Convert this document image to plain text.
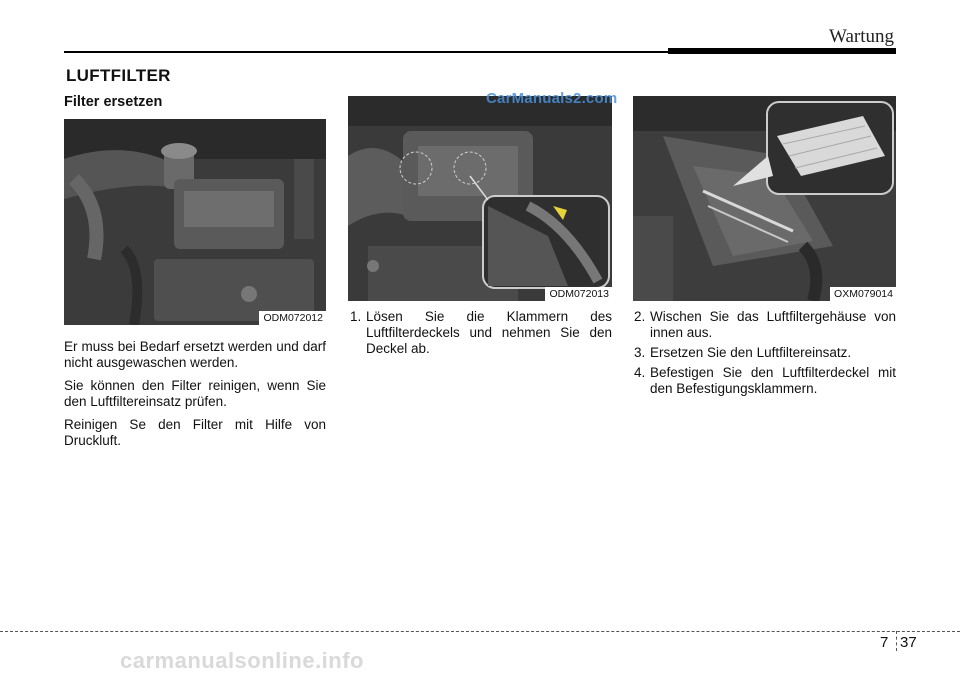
Wartung
LUFTFILTER
Filter ersetzen
ODM072012
ODM072013	OXM079014
CarManuals2.com

Er muss bei Bedarf ersetzt werden und darf nicht ausgewaschen werden.

Sie können den Filter reinigen, wenn Sie den Luftfiltereinsatz prüfen.

Reinigen Se den Filter mit Hilfe von Druckluft.

1. Lösen Sie die Klammern des Luftfilterdeckels und nehmen Sie den Deckel ab.
2. Wischen Sie das Luftfiltergehäuse von innen aus.
3. Ersetzen Sie den Luftfiltereinsatz.
4. Befestigen Sie den Luftfilterdeckel mit den Befestigungsklammern.
7 37
carmanualsonline.info
